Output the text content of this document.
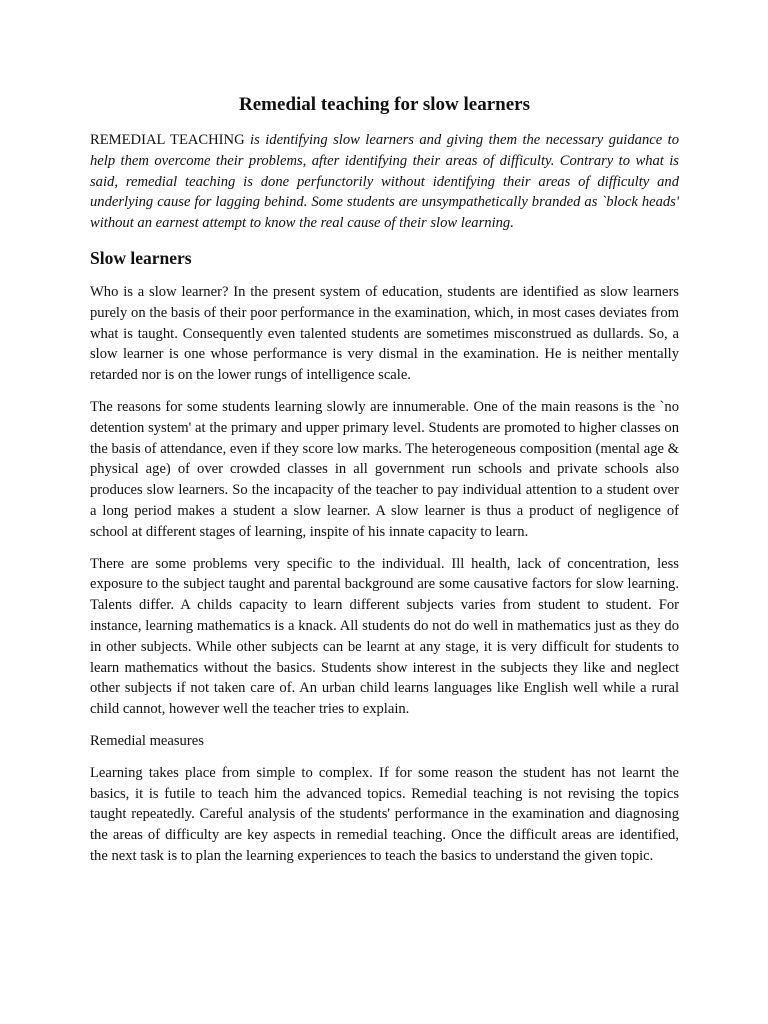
Remedial teaching for slow learners

REMEDIAL TEACHING is identifying slow learners and giving them the necessary guidance to help them overcome their problems, after identifying their areas of difficulty. Contrary to what is said, remedial teaching is done perfunctorily without identifying their areas of difficulty and underlying cause for lagging behind. Some students are unsympathetically branded as `block heads' without an earnest attempt to know the real cause of their slow learning.

Slow learners

Who is a slow learner? In the present system of education, students are identified as slow learners purely on the basis of their poor performance in the examination, which, in most cases deviates from what is taught. Consequently even talented students are sometimes misconstrued as dullards. So, a slow learner is one whose performance is very dismal in the examination. He is neither mentally retarded nor is on the lower rungs of intelligence scale.

The reasons for some students learning slowly are innumerable. One of the main reasons is the `no detention system' at the primary and upper primary level. Students are promoted to higher classes on the basis of attendance, even if they score low marks. The heterogeneous composition (mental age & physical age) of over crowded classes in all government run schools and private schools also produces slow learners. So the incapacity of the teacher to pay individual attention to a student over a long period makes a student a slow learner. A slow learner is thus a product of negligence of school at different stages of learning, inspite of his innate capacity to learn.

There are some problems very specific to the individual. Ill health, lack of concentration, less exposure to the subject taught and parental background are some causative factors for slow learning. Talents differ. A childs capacity to learn different subjects varies from student to student. For instance, learning mathematics is a knack. All students do not do well in mathematics just as they do in other subjects. While other subjects can be learnt at any stage, it is very difficult for students to learn mathematics without the basics. Students show interest in the subjects they like and neglect other subjects if not taken care of. An urban child learns languages like English well while a rural child cannot, however well the teacher tries to explain.

Remedial measures

Learning takes place from simple to complex. If for some reason the student has not learnt the basics, it is futile to teach him the advanced topics. Remedial teaching is not revising the topics taught repeatedly. Careful analysis of the students' performance in the examination and diagnosing the areas of difficulty are key aspects in remedial teaching. Once the difficult areas are identified, the next task is to plan the learning experiences to teach the basics to understand the given topic.
